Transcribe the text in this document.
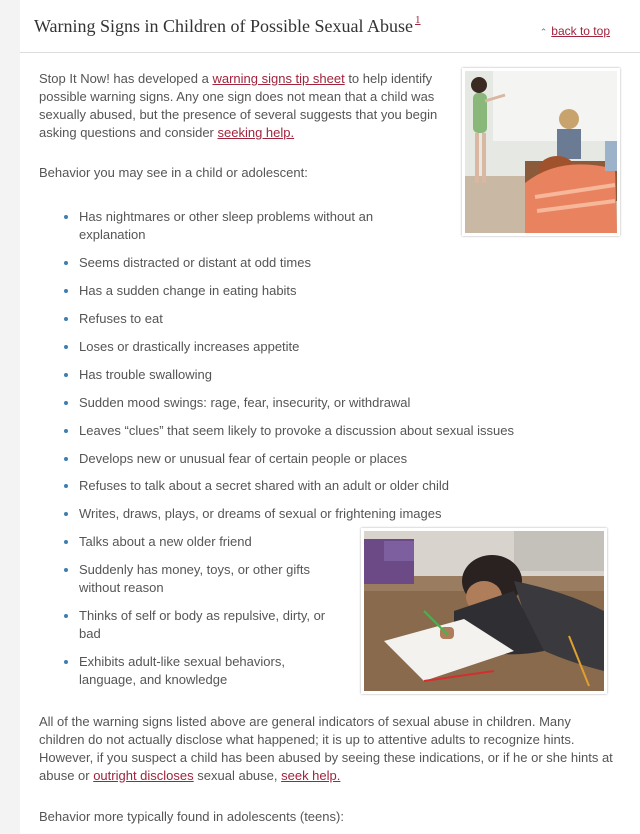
Warning Signs in Children of Possible Sexual Abuse $^1$
⌃ back to top
Stop It Now! has developed a warning signs tip sheet to help identify possible warning signs. Any one sign does not mean that a child was sexually abused, but the presence of several suggests that you begin asking questions and consider seeking help.
Behavior you may see in a child or adolescent:
Has nightmares or other sleep problems without an
explanation
Seems distracted or distant at odd times
Has a sudden change in eating habits
Refuses to eat
Loses or drastically increases appetite
Has trouble swallowing
Sudden mood swings: rage, fear, insecurity, or withdrawal
Leaves “clues” that seem likely to provoke a discussion about sexual issues
Develops new or unusual fear of certain people or places
Refuses to talk about a secret shared with an adult or older child
Writes, draws, plays, or dreams of sexual or frightening images
Talks about a new older friend
Suddenly has money, toys, or other gifts
without reason
Thinks of self or body as repulsive, dirty, or
bad
Exhibits adult-like sexual behaviors,
language, and knowledge
All of the warning signs listed above are general indicators of sexual abuse in children. Many children do not actually disclose what happened; it is up to attentive adults to recognize hints. However, if you suspect a child has been abused by seeing these indications, or if he or she hints at abuse or outright discloses sexual abuse, seek help.
Behavior more typically found in adolescents (teens):
